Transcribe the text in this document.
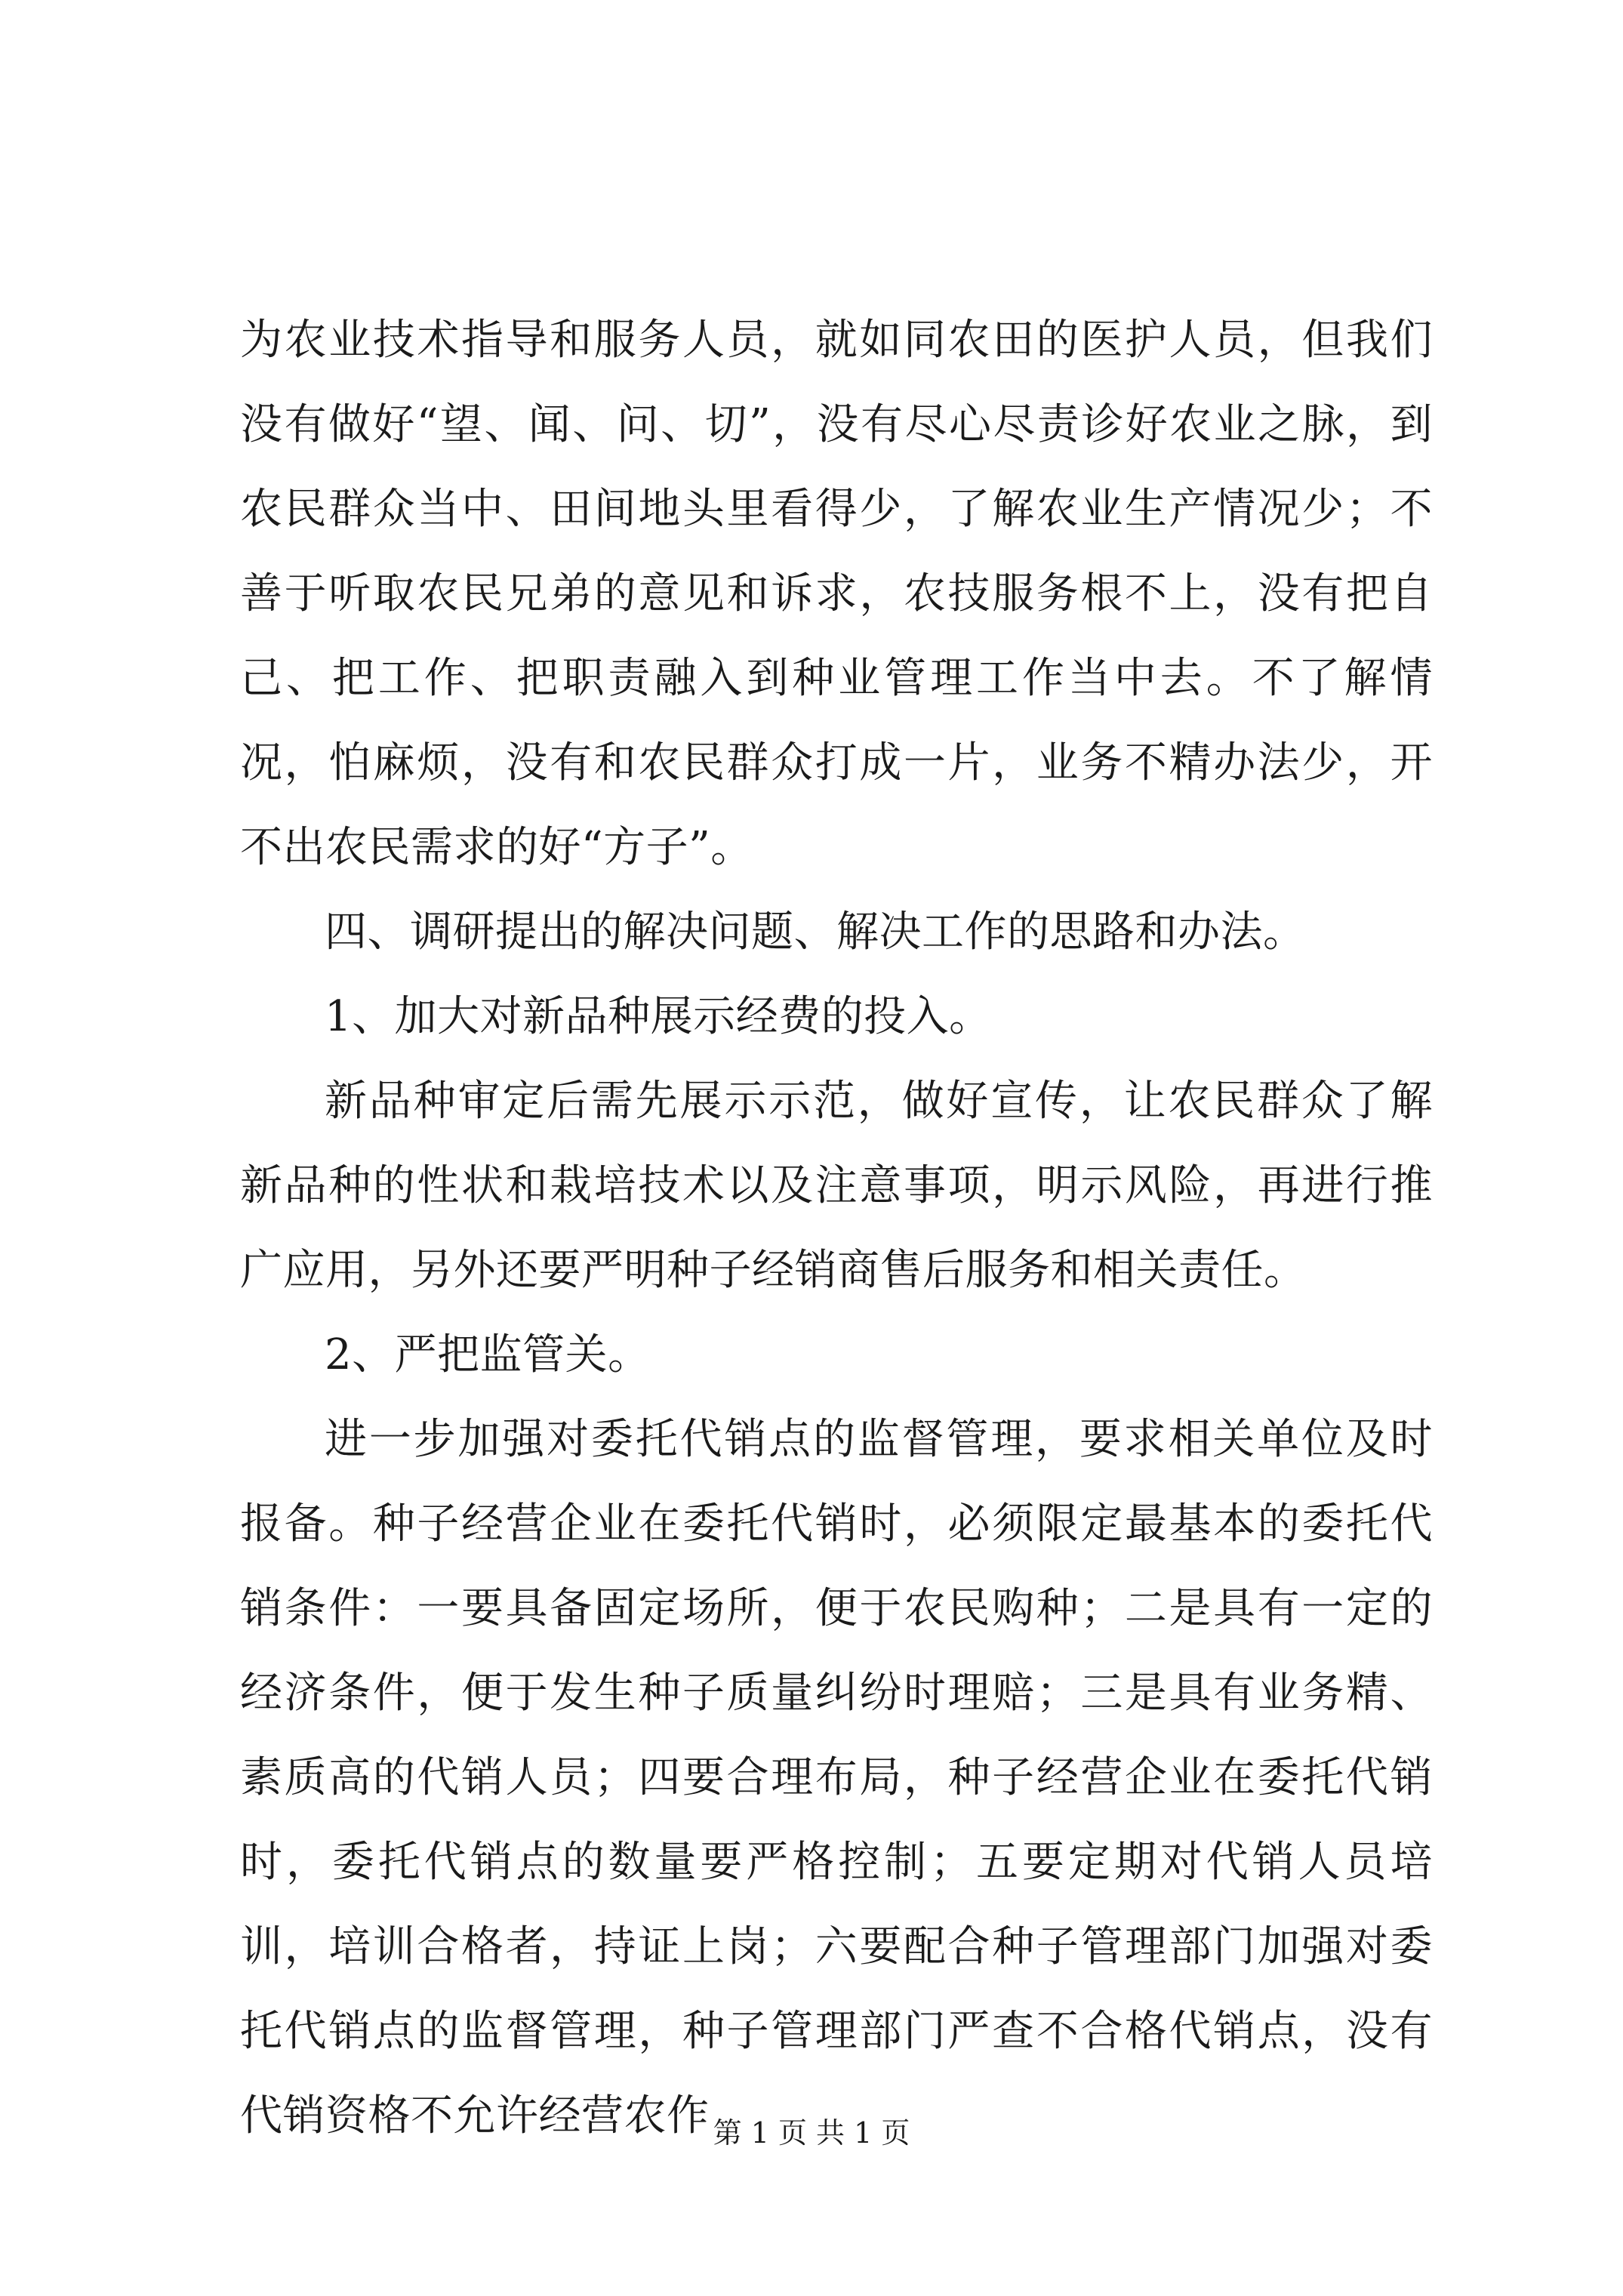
为农业技术指导和服务人员，就如同农田的医护人员，但我们没有做好“望、闻、问、切”，没有尽心尽责诊好农业之脉，到农民群众当中、田间地头里看得少，了解农业生产情况少；不善于听取农民兄弟的意见和诉求，农技服务根不上，没有把自己、把工作、把职责融入到种业管理工作当中去。不了解情况，怕麻烦，没有和农民群众打成一片，业务不精办法少，开不出农民需求的好“方子”。

四、调研提出的解决问题、解决工作的思路和办法。

1、加大对新品种展示经费的投入。

新品种审定后需先展示示范，做好宣传，让农民群众了解新品种的性状和栽培技术以及注意事项，明示风险，再进行推广应用，另外还要严明种子经销商售后服务和相关责任。

2、严把监管关。

进一步加强对委托代销点的监督管理，要求相关单位及时报备。种子经营企业在委托代销时，必须限定最基本的委托代销条件：一要具备固定场所，便于农民购种；二是具有一定的经济条件，便于发生种子质量纠纷时理赔；三是具有业务精、素质高的代销人员；四要合理布局，种子经营企业在委托代销时，委托代销点的数量要严格控制；五要定期对代销人员培训，培训合格者，持证上岗；六要配合种子管理部门加强对委托代销点的监督管理，种子管理部门严查不合格代销点，没有代销资格不允许经营农作 第 1 页 共 1 页
